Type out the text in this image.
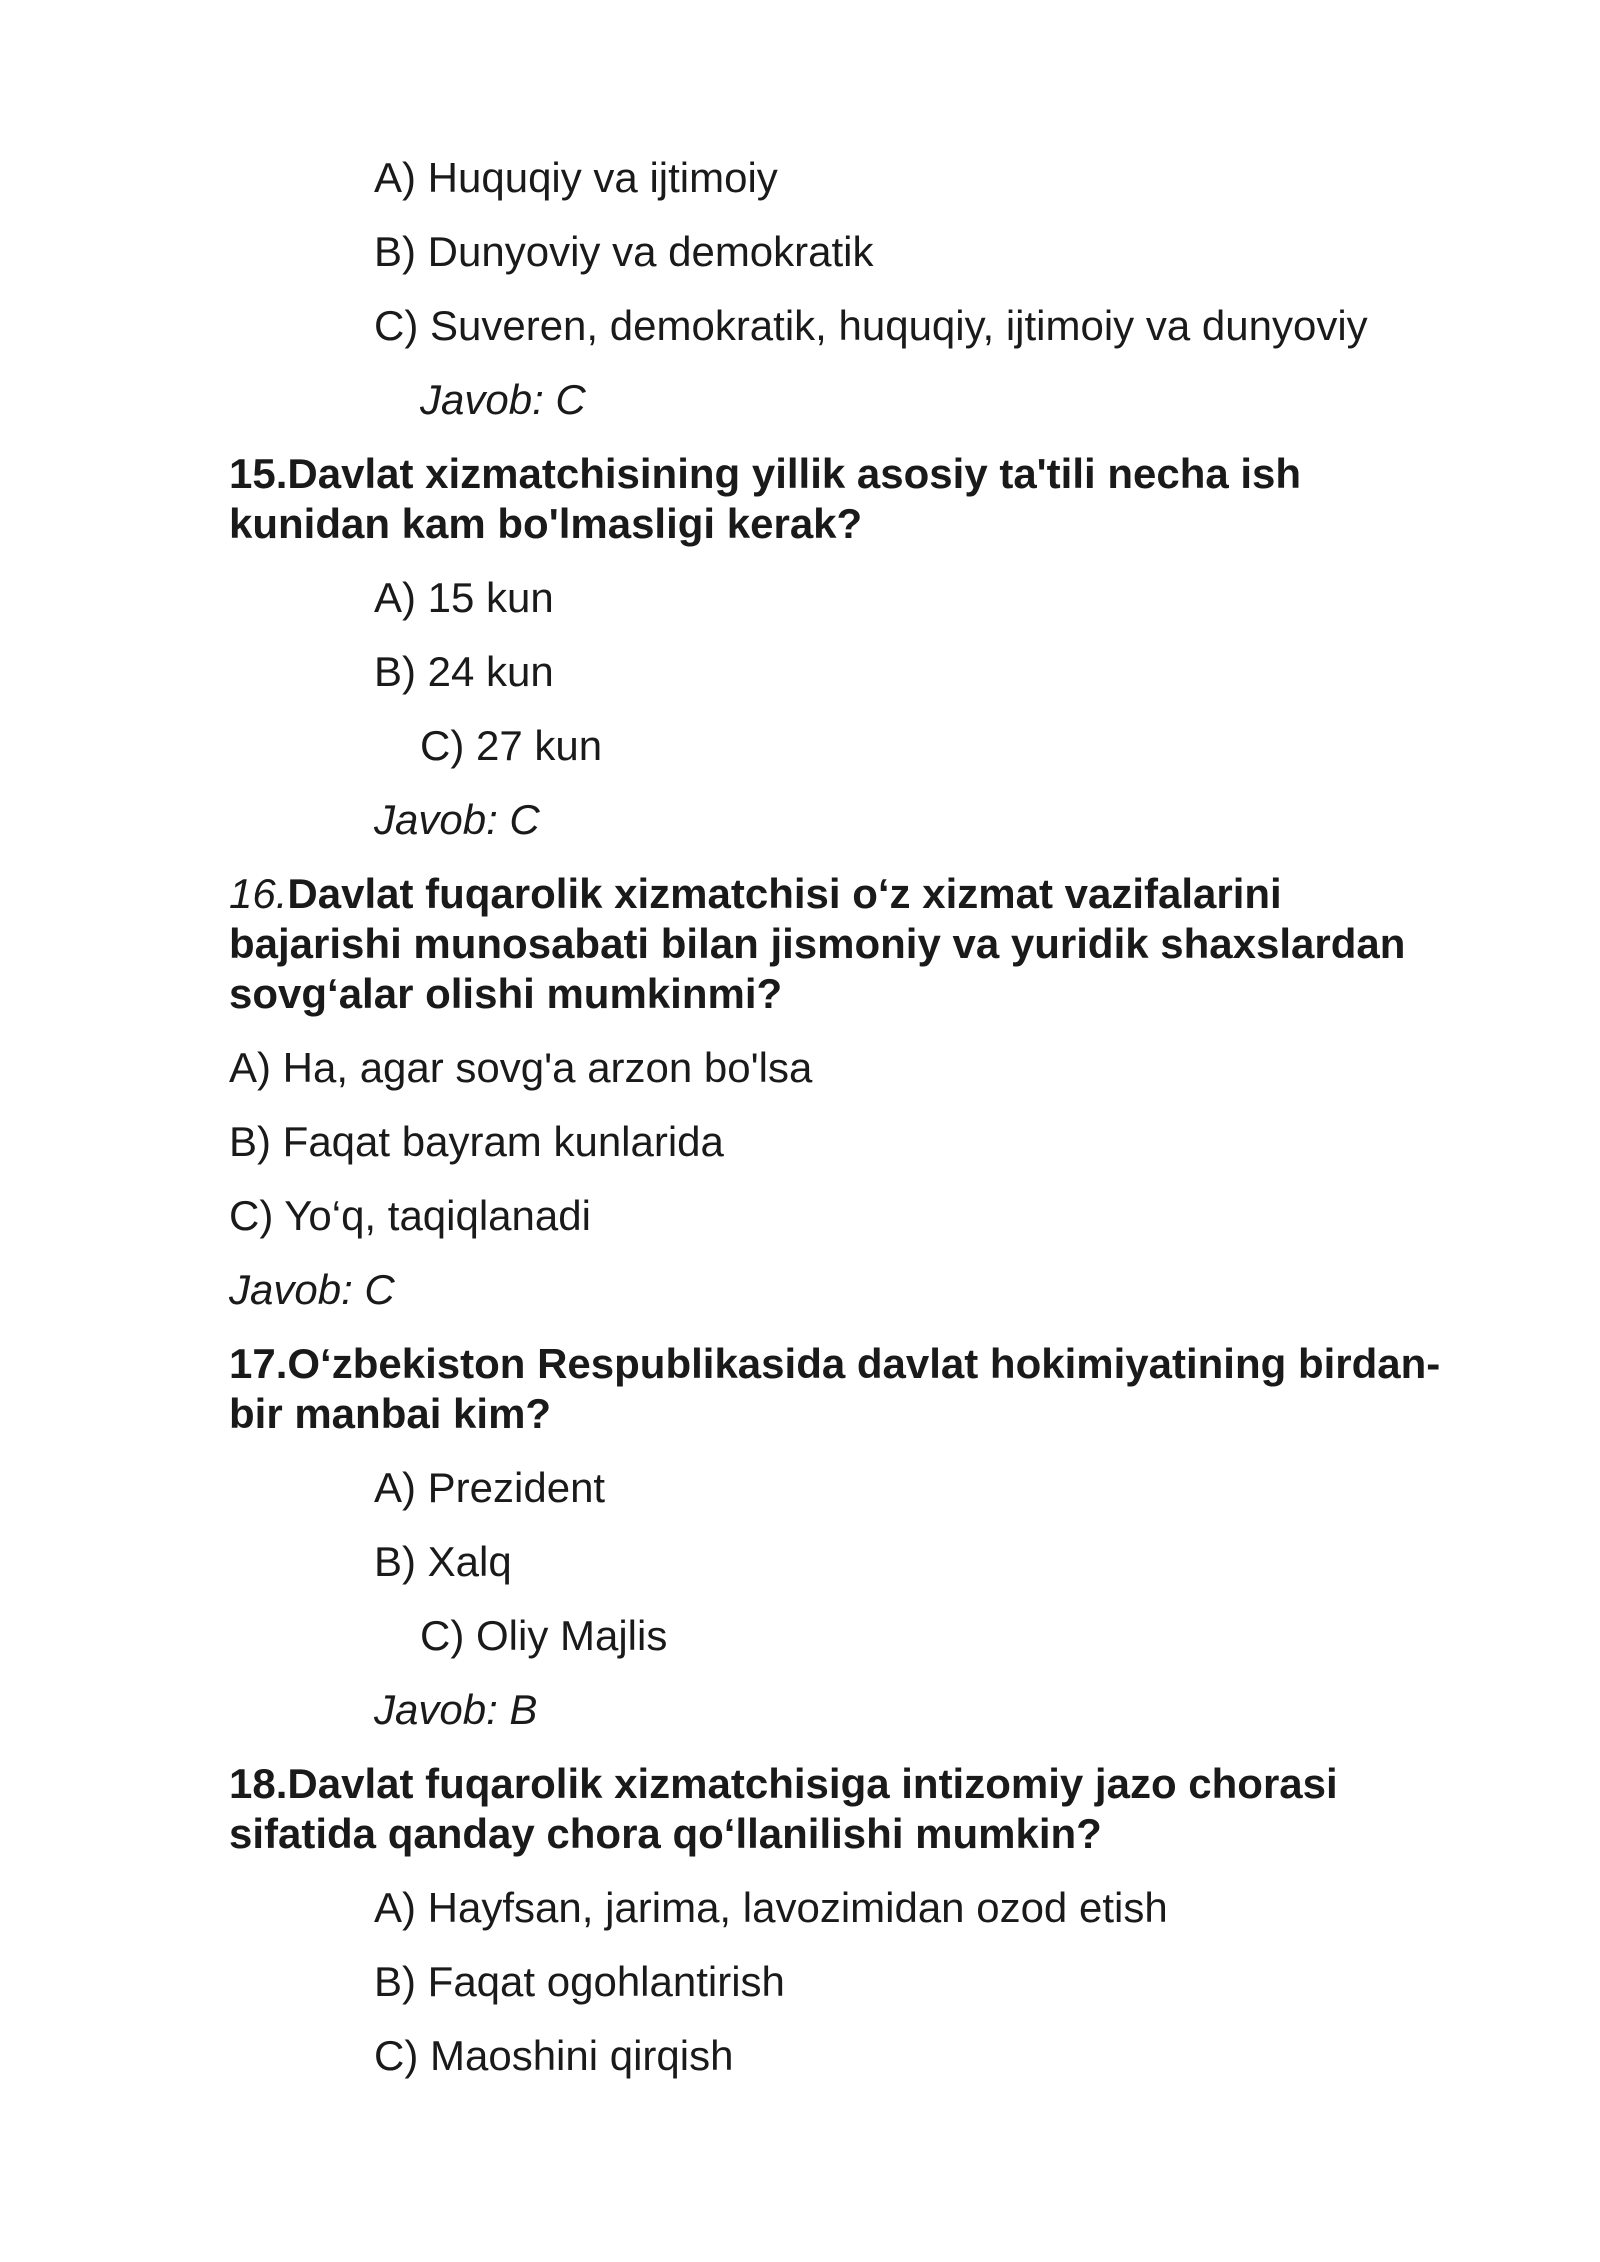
A) Huquqiy va ijtimoiy
B) Dunyoviy va demokratik
C) Suveren, demokratik, huquqiy, ijtimoiy va dunyoviy
Javob: C
15.Davlat xizmatchisining yillik asosiy ta'tili necha ish
kunidan kam bo'lmasligi kerak?
A) 15 kun
B) 24 kun
C) 27 kun
Javob: C
16.Davlat fuqarolik xizmatchisi o‘z xizmat vazifalarini
bajarishi munosabati bilan jismoniy va yuridik shaxslardan
sovg‘alar olishi mumkinmi?
A) Ha, agar sovg'a arzon bo'lsa
B) Faqat bayram kunlarida
C) Yo‘q, taqiqlanadi
Javob: C
17.O‘zbekiston Respublikasida davlat hokimiyatining birdan-
bir manbai kim?
A) Prezident
B) Xalq
C) Oliy Majlis
Javob: B
18.Davlat fuqarolik xizmatchisiga intizomiy jazo chorasi
sifatida qanday chora qo‘llanilishi mumkin?
A) Hayfsan, jarima, lavozimidan ozod etish
B) Faqat ogohlantirish
C) Maoshini qirqish
